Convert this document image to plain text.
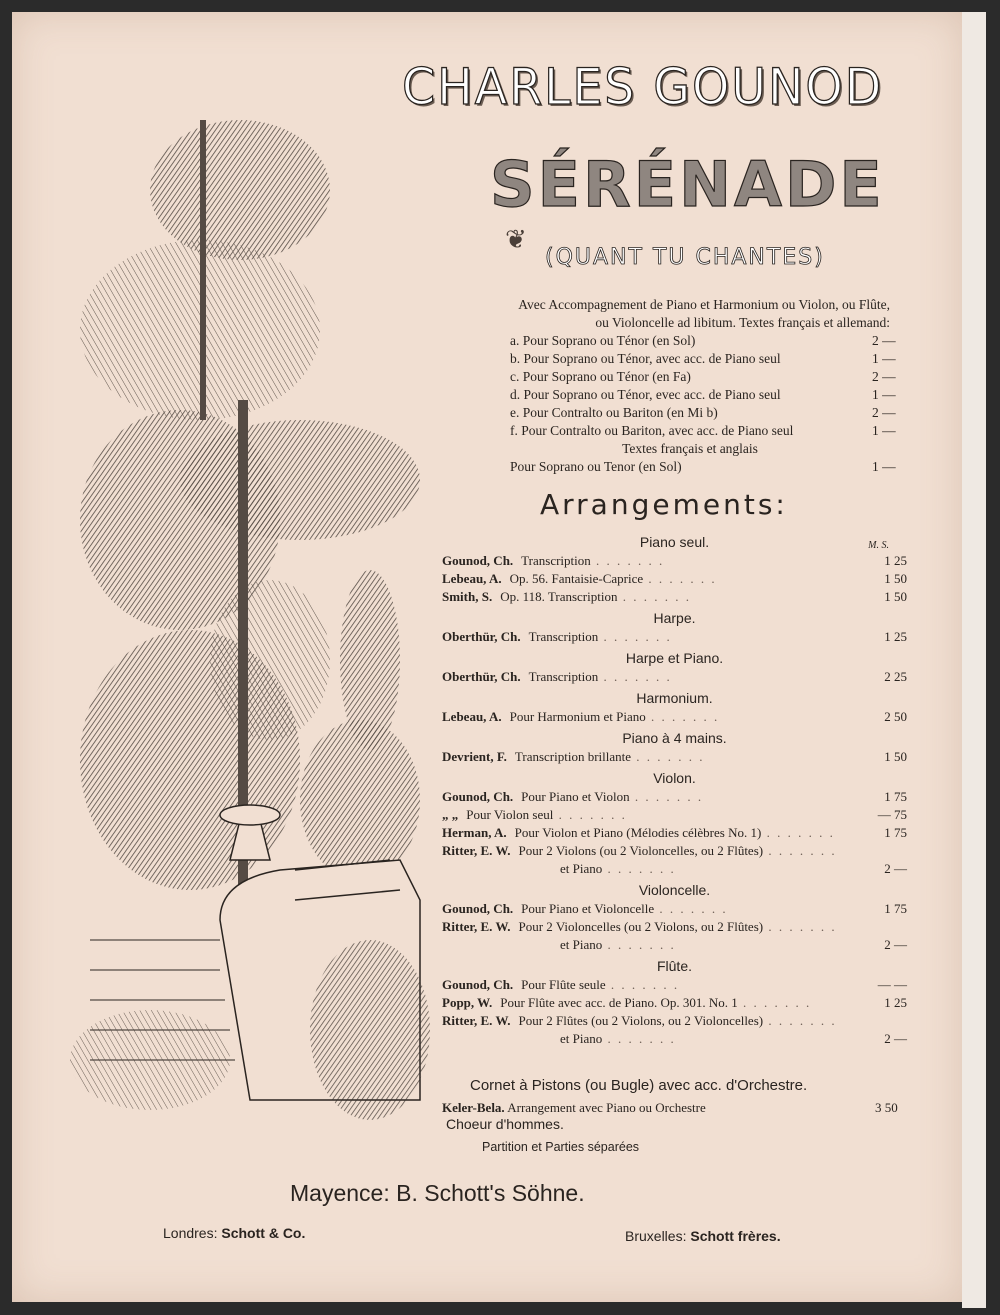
CHARLES GOUNOD
SÉRÉNADE
❦
(QUANT TU CHANTES)
Avec Accompagnement de Piano et Harmonium ou Violon, ou Flûte,
ou Violoncelle ad libitum. Textes français et allemand:
a. Pour Soprano ou Ténor (en Sol)	2 —
b. Pour Soprano ou Ténor, avec acc. de Piano seul	1 —
c. Pour Soprano ou Ténor (en Fa)	2 —
d. Pour Soprano ou Ténor, evec acc. de Piano seul	1 —
e. Pour Contralto ou Bariton (en Mi b)	2 —
f. Pour Contralto ou Bariton, avec acc. de Piano seul	1 —
Textes français et anglais
Pour Soprano ou Tenor (en Sol)	1 —
Arrangements:
M. S.
Piano seul.
Gounod, Ch. Transcription . .	1 25
Lebeau, A. Op. 56. Fantaisie-Caprice . .	1 50
Smith, S. Op. 118. Transcription . .	1 50
Harpe.
Oberthür, Ch. Transcription . .	1 25
Harpe et Piano.
Oberthür, Ch. Transcription . .	2 25
Harmonium.
Lebeau, A. Pour Harmonium et Piano . .	2 50
Piano à 4 mains.
Devrient, F. Transcription brillante . .	1 50
Violon.
Gounod, Ch. Pour Piano et Violon . .	1 75
„ „ Pour Violon seul . .	— 75
Herman, A. Pour Violon et Piano (Mélodies célèbres No. 1) . .	1 75
Ritter, E. W. Pour 2 Violons (ou 2 Violoncelles, ou 2 Flûtes) . .
et Piano . .	2 —
Violoncelle.
Gounod, Ch. Pour Piano et Violoncelle . .	1 75
Ritter, E. W. Pour 2 Violoncelles (ou 2 Violons, ou 2 Flûtes) . .
et Piano . .	2 —
Flûte.
Gounod, Ch. Pour Flûte seule . .	— —
Popp, W. Pour Flûte avec acc. de Piano. Op. 301. No. 1 . .	1 25
Ritter, E. W. Pour 2 Flûtes (ou 2 Violons, ou 2 Violoncelles) . .
et Piano . .	2 —
Cornet à Pistons (ou Bugle) avec acc. d'Orchestre.
Keler-Bela. Arrangement avec Piano ou Orchestre	3 50
Choeur d'hommes.
Partition et Parties séparées
Mayence: B. Schott's Söhne.
Londres: Schott & Co.	Bruxelles: Schott frères.
